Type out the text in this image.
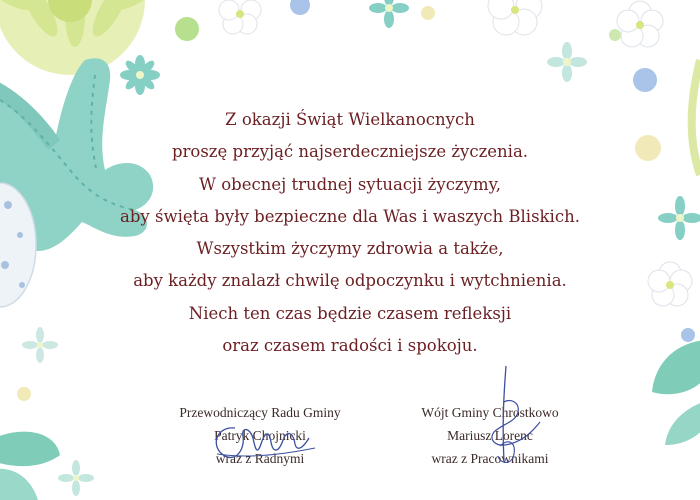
Z okazji Świąt Wielkanocnych
proszę przyjąć najserdeczniejsze życzenia.
W obecnej trudnej sytuacji życzymy,
aby święta były bezpieczne dla Was i waszych Bliskich.
Wszystkim życzymy zdrowia a także,
aby każdy znalazł chwilę odpoczynku i wytchnienia.
Niech ten czas będzie czasem refleksji
oraz czasem radości i spokoju.
Przewodniczący Radu Gminy
Patryk Chojnicki
wraz z Radnymi
Wójt Gminy Chrostkowo
Mariusz Lorenc
wraz z Pracownikami
